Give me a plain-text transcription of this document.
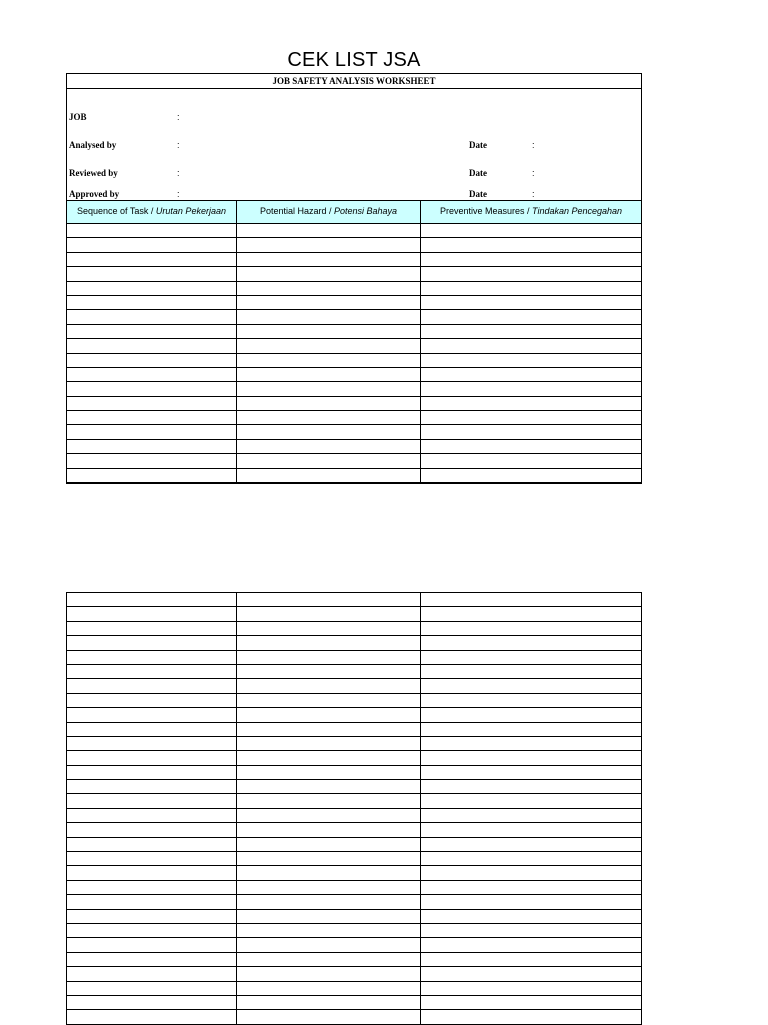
CEK LIST JSA
JOB SAFETY ANALYSIS WORKSHEET
JOB	:
Analysed by	:	Date	:
Reviewed by	:	Date	:
Approved by	:	Date	:
Sequence of Task / Urutan Pekerjaan	Potential Hazard / Potensi Bahaya	Preventive Measures / Tindakan Pencegahan
